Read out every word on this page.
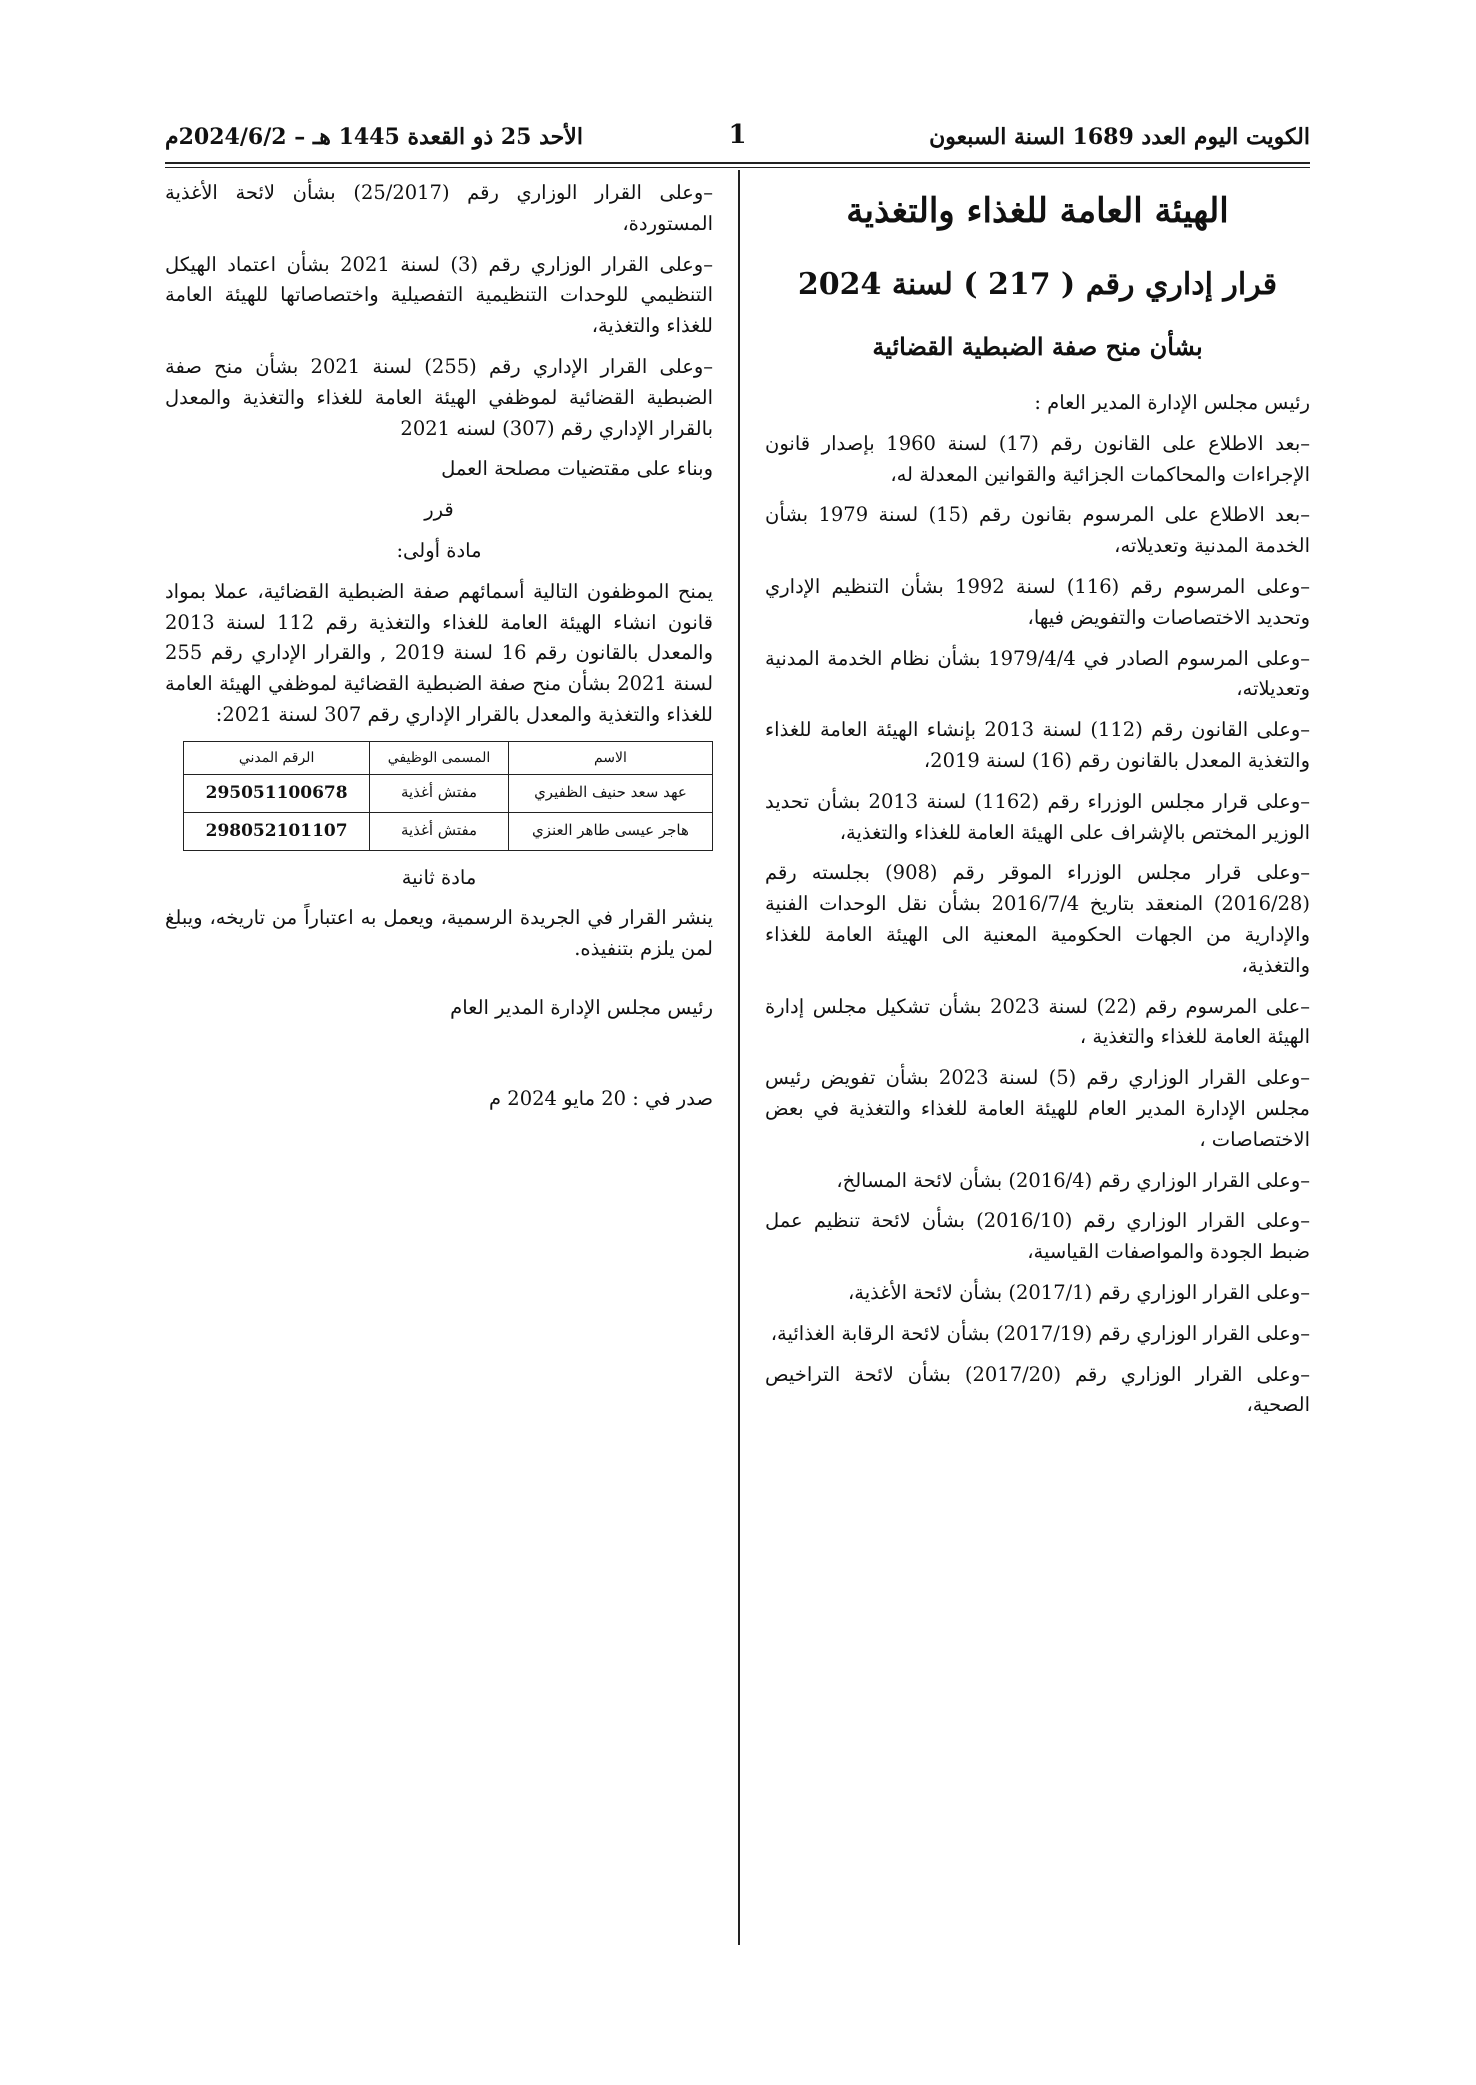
الكويت اليوم العدد 1689 السنة السبعون
1
الأحد 25 ذو القعدة 1445 هـ – 2024/6/2م
الهيئة العامة للغذاء والتغذية
قرار إداري رقم ( 217 ) لسنة 2024
بشأن منح صفة الضبطية القضائية

رئيس مجلس الإدارة المدير العام :

–بعد الاطلاع على القانون رقم (17) لسنة 1960 بإصدار قانون الإجراءات والمحاكمات الجزائية والقوانين المعدلة له،

–بعد الاطلاع على المرسوم بقانون رقم (15) لسنة 1979 بشأن الخدمة المدنية وتعديلاته،

–وعلى المرسوم رقم (116) لسنة 1992 بشأن التنظيم الإداري وتحديد الاختصاصات والتفويض فيها،

–وعلى المرسوم الصادر في 1979/4/4 بشأن نظام الخدمة المدنية وتعديلاته،

–وعلى القانون رقم (112) لسنة 2013 بإنشاء الهيئة العامة للغذاء والتغذية المعدل بالقانون رقم (16) لسنة 2019،

–وعلى قرار مجلس الوزراء رقم (1162) لسنة 2013 بشأن تحديد الوزير المختص بالإشراف على الهيئة العامة للغذاء والتغذية،

–وعلى قرار مجلس الوزراء الموقر رقم (908) بجلسته رقم (2016/28) المنعقد بتاريخ 2016/7/4 بشأن نقل الوحدات الفنية والإدارية من الجهات الحكومية المعنية الى الهيئة العامة للغذاء والتغذية،

–على المرسوم رقم (22) لسنة 2023 بشأن تشكيل مجلس إدارة الهيئة العامة للغذاء والتغذية ،

–وعلى القرار الوزاري رقم (5) لسنة 2023 بشأن تفويض رئيس مجلس الإدارة المدير العام للهيئة العامة للغذاء والتغذية في بعض الاختصاصات ،

–وعلى القرار الوزاري رقم (2016/4) بشأن لائحة المسالخ،

–وعلى القرار الوزاري رقم (2016/10) بشأن لائحة تنظيم عمل ضبط الجودة والمواصفات القياسية،

–وعلى القرار الوزاري رقم (2017/1) بشأن لائحة الأغذية،

–وعلى القرار الوزاري رقم (2017/19) بشأن لائحة الرقابة الغذائية،

–وعلى القرار الوزاري رقم (2017/20) بشأن لائحة التراخيص الصحية،

–وعلى القرار الوزاري رقم (25/2017) بشأن لائحة الأغذية المستوردة،

–وعلى القرار الوزاري رقم (3) لسنة 2021 بشأن اعتماد الهيكل التنظيمي للوحدات التنظيمية التفصيلية واختصاصاتها للهيئة العامة للغذاء والتغذية،

–وعلى القرار الإداري رقم (255) لسنة 2021 بشأن منح صفة الضبطية القضائية لموظفي الهيئة العامة للغذاء والتغذية والمعدل بالقرار الإداري رقم (307) لسنه 2021

وبناء على مقتضيات مصلحة العمل

قرر

مادة أولى:

يمنح الموظفون التالية أسمائهم صفة الضبطية القضائية، عملا بمواد قانون انشاء الهيئة العامة للغذاء والتغذية رقم 112 لسنة 2013 والمعدل بالقانون رقم 16 لسنة 2019 , والقرار الإداري رقم 255 لسنة 2021 بشأن منح صفة الضبطية القضائية لموظفي الهيئة العامة للغذاء والتغذية والمعدل بالقرار الإداري رقم 307 لسنة 2021:

الاسم	المسمى الوظيفي	الرقم المدني
عهد سعد حنيف الظفيري	مفتش أغذية	295051100678
هاجر عيسى طاهر العنزي	مفتش أغذية	298052101107

مادة ثانية

ينشر القرار في الجريدة الرسمية، ويعمل به اعتباراً من تاريخه، ويبلغ لمن يلزم بتنفيذه.

رئيس مجلس الإدارة المدير العام

صدر في : 20 مايو 2024 م
